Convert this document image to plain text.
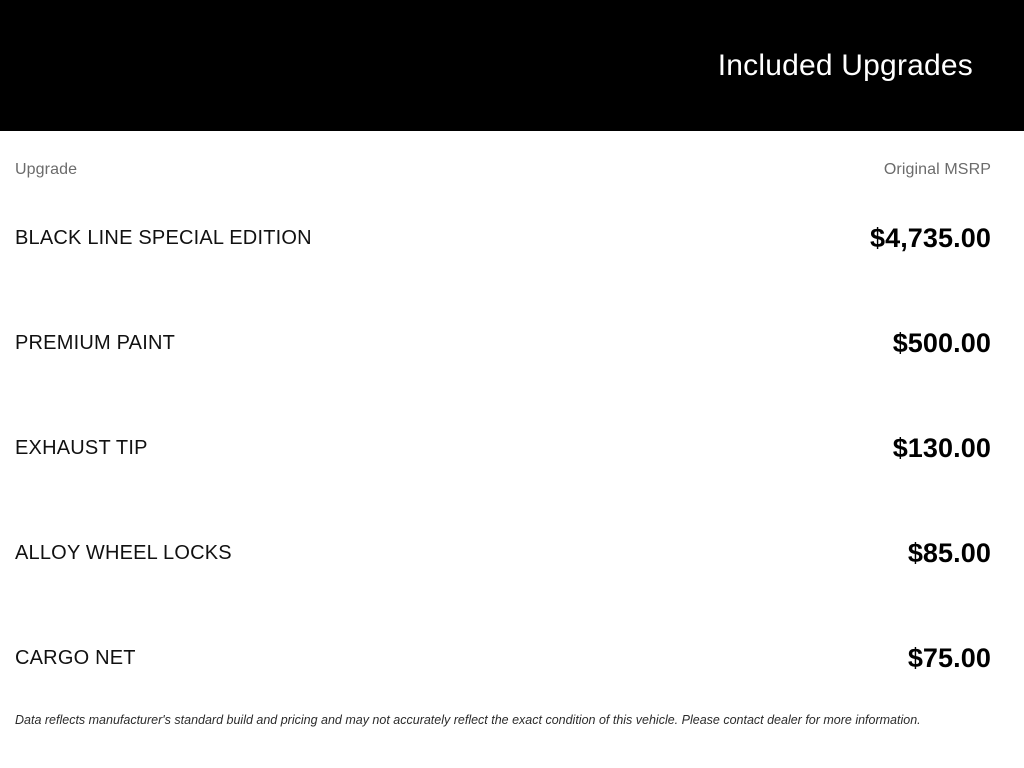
Included Upgrades
Upgrade	Original MSRP
BLACK LINE SPECIAL EDITION	$4,735.00
PREMIUM PAINT	$500.00
EXHAUST TIP	$130.00
ALLOY WHEEL LOCKS	$85.00
CARGO NET	$75.00
Data reflects manufacturer's standard build and pricing and may not accurately reflect the exact condition of this vehicle. Please contact dealer for more information.
